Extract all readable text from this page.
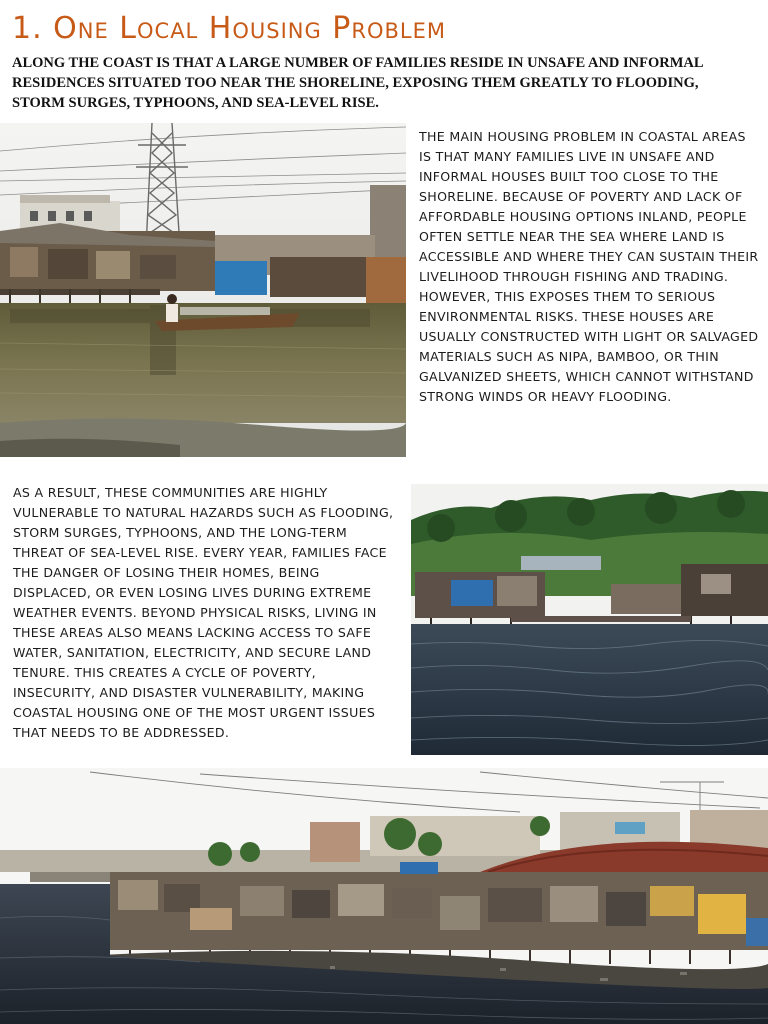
1. One Local Housing Problem

ALONG THE COAST IS THAT A LARGE NUMBER OF FAMILIES RESIDE IN UNSAFE AND INFORMAL RESIDENCES SITUATED TOO NEAR THE SHORELINE, EXPOSING THEM GREATLY TO FLOODING, STORM SURGES, TYPHOONS, AND SEA-LEVEL RISE.

THE MAIN HOUSING PROBLEM IN COASTAL AREAS IS THAT MANY FAMILIES LIVE IN UNSAFE AND INFORMAL HOUSES BUILT TOO CLOSE TO THE SHORELINE. BECAUSE OF POVERTY AND LACK OF AFFORDABLE HOUSING OPTIONS INLAND, PEOPLE OFTEN SETTLE NEAR THE SEA WHERE LAND IS ACCESSIBLE AND WHERE THEY CAN SUSTAIN THEIR LIVELIHOOD THROUGH FISHING AND TRADING. HOWEVER, THIS EXPOSES THEM TO SERIOUS ENVIRONMENTAL RISKS. THESE HOUSES ARE USUALLY CONSTRUCTED WITH LIGHT OR SALVAGED MATERIALS SUCH AS NIPA, BAMBOO, OR THIN GALVANIZED SHEETS, WHICH CANNOT WITHSTAND STRONG WINDS OR HEAVY FLOODING.

AS A RESULT, THESE COMMUNITIES ARE HIGHLY VULNERABLE TO NATURAL HAZARDS SUCH AS FLOODING, STORM SURGES, TYPHOONS, AND THE LONG-TERM THREAT OF SEA-LEVEL RISE. EVERY YEAR, FAMILIES FACE THE DANGER OF LOSING THEIR HOMES, BEING DISPLACED, OR EVEN LOSING LIVES DURING EXTREME WEATHER EVENTS. BEYOND PHYSICAL RISKS, LIVING IN THESE AREAS ALSO MEANS LACKING ACCESS TO SAFE WATER, SANITATION, ELECTRICITY, AND SECURE LAND TENURE. THIS CREATES A CYCLE OF POVERTY, INSECURITY, AND DISASTER VULNERABILITY, MAKING COASTAL HOUSING ONE OF THE MOST URGENT ISSUES THAT NEEDS TO BE ADDRESSED.
